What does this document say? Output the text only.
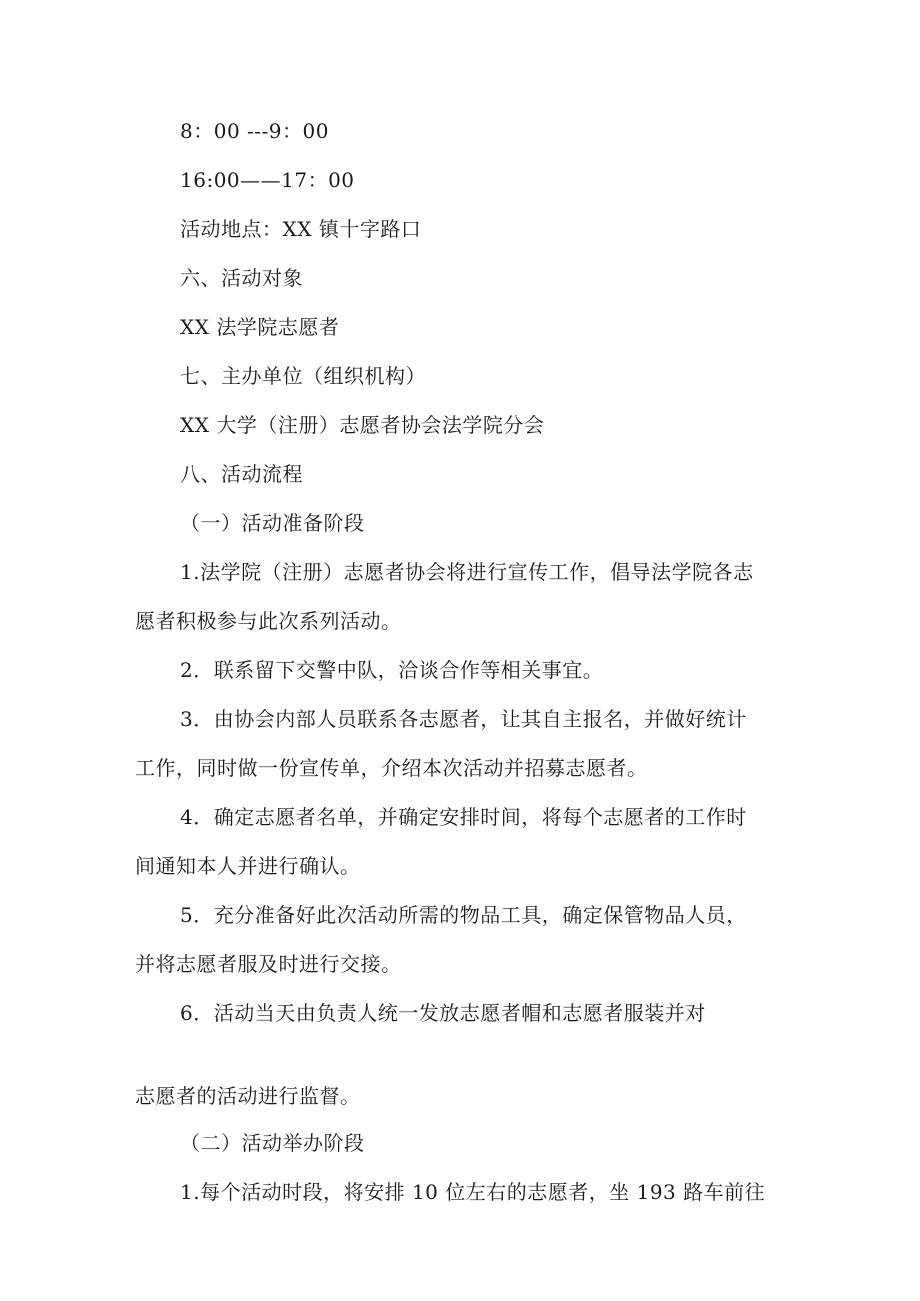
8：00 ---9：00
16:00——17：00
活动地点：XX 镇十字路口
六、活动对象
XX 法学院志愿者
七、主办单位（组织机构）
XX 大学（注册）志愿者协会法学院分会
八、活动流程
（一）活动准备阶段
1.法学院（注册）志愿者协会将进行宣传工作，倡导法学院各志
愿者积极参与此次系列活动。
2．联系留下交警中队，洽谈合作等相关事宜。
3．由协会内部人员联系各志愿者，让其自主报名，并做好统计
工作，同时做一份宣传单，介绍本次活动并招募志愿者。
4．确定志愿者名单，并确定安排时间，将每个志愿者的工作时
间通知本人并进行确认。
5．充分准备好此次活动所需的物品工具，确定保管物品人员，
并将志愿者服及时进行交接。
6．活动当天由负责人统一发放志愿者帽和志愿者服装并对
志愿者的活动进行监督。
（二）活动举办阶段
1.每个活动时段，将安排 10 位左右的志愿者，坐 193 路车前往
